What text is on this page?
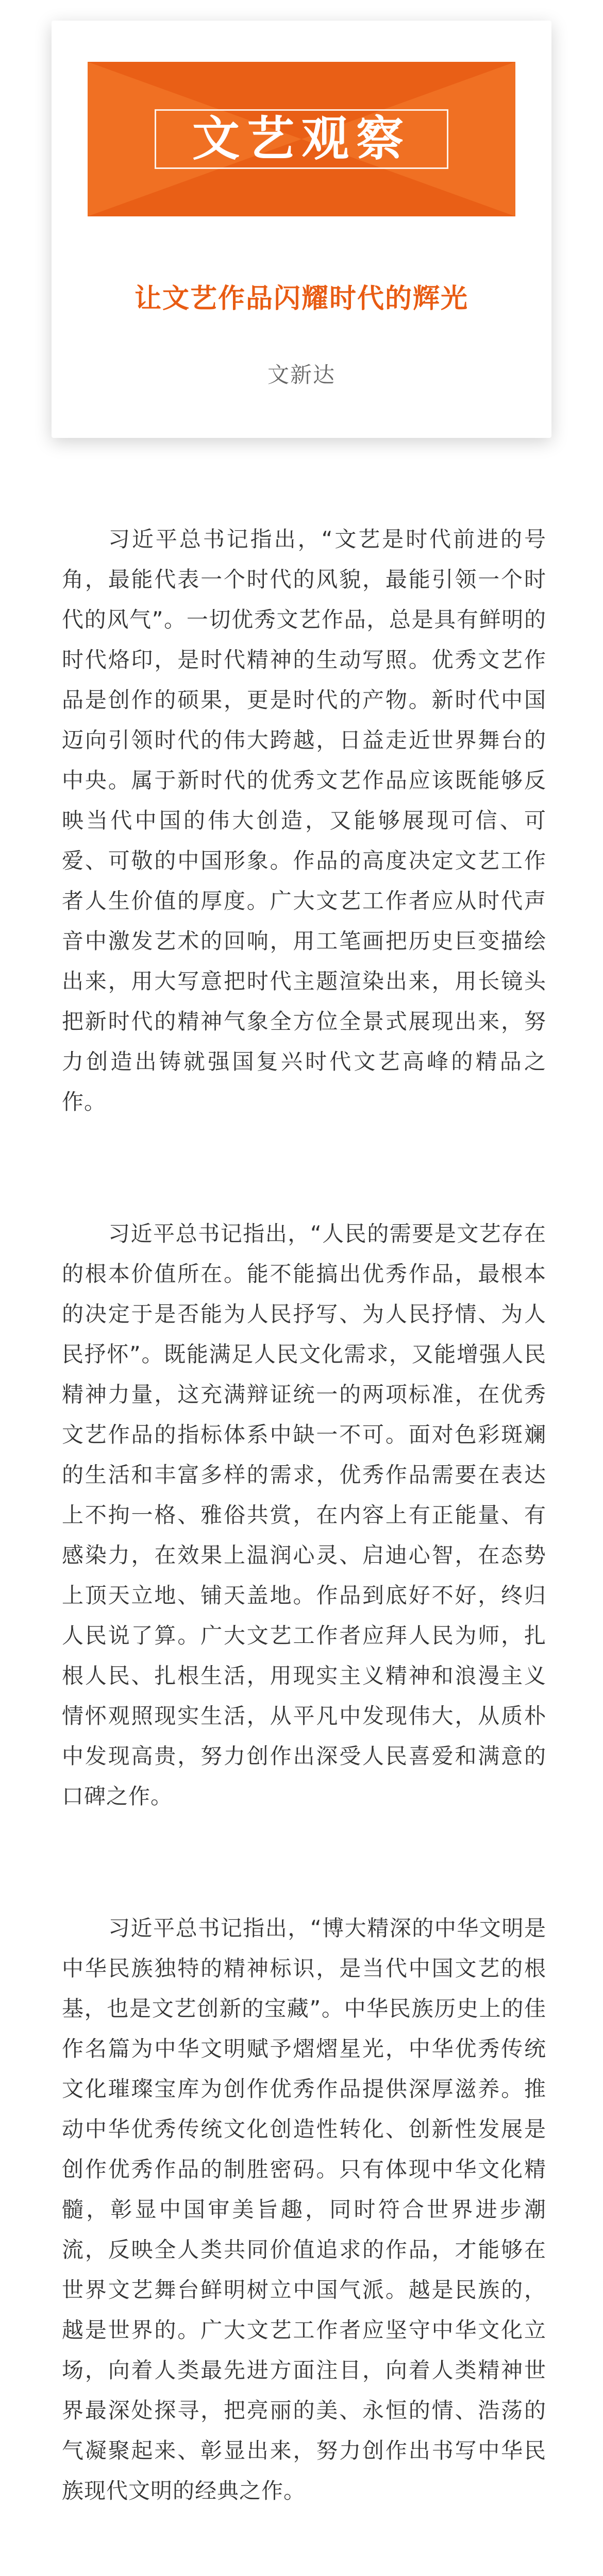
文艺观察
让文艺作品闪耀时代的辉光
文新达

习近平总书记指出，“文艺是时代前进的号角，最能代表一个时代的风貌，最能引领一个时代的风气”。一切优秀文艺作品，总是具有鲜明的时代烙印，是时代精神的生动写照。优秀文艺作品是创作的硕果，更是时代的产物。新时代中国迈向引领时代的伟大跨越，日益走近世界舞台的中央。属于新时代的优秀文艺作品应该既能够反映当代中国的伟大创造，又能够展现可信、可爱、可敬的中国形象。作品的高度决定文艺工作者人生价值的厚度。广大文艺工作者应从时代声音中激发艺术的回响，用工笔画把历史巨变描绘出来，用大写意把时代主题渲染出来，用长镜头把新时代的精神气象全方位全景式展现出来，努力创造出铸就强国复兴时代文艺高峰的精品之作。

习近平总书记指出，“人民的需要是文艺存在的根本价值所在。能不能搞出优秀作品，最根本的决定于是否能为人民抒写、为人民抒情、为人民抒怀”。既能满足人民文化需求，又能增强人民精神力量，这充满辩证统一的两项标准，在优秀文艺作品的指标体系中缺一不可。面对色彩斑斓的生活和丰富多样的需求，优秀作品需要在表达上不拘一格、雅俗共赏，在内容上有正能量、有感染力，在效果上温润心灵、启迪心智，在态势上顶天立地、铺天盖地。作品到底好不好，终归人民说了算。广大文艺工作者应拜人民为师，扎根人民、扎根生活，用现实主义精神和浪漫主义情怀观照现实生活，从平凡中发现伟大，从质朴中发现高贵，努力创作出深受人民喜爱和满意的口碑之作。

习近平总书记指出，“博大精深的中华文明是中华民族独特的精神标识，是当代中国文艺的根基，也是文艺创新的宝藏”。中华民族历史上的佳作名篇为中华文明赋予熠熠星光，中华优秀传统文化璀璨宝库为创作优秀作品提供深厚滋养。推动中华优秀传统文化创造性转化、创新性发展是创作优秀作品的制胜密码。只有体现中华文化精髓，彰显中国审美旨趣，同时符合世界进步潮流，反映全人类共同价值追求的作品，才能够在世界文艺舞台鲜明树立中国气派。越是民族的，越是世界的。广大文艺工作者应坚守中华文化立场，向着人类最先进方面注目，向着人类精神世界最深处探寻，把亮丽的美、永恒的情、浩荡的气凝聚起来、彰显出来，努力创作出书写中华民族现代文明的经典之作。
